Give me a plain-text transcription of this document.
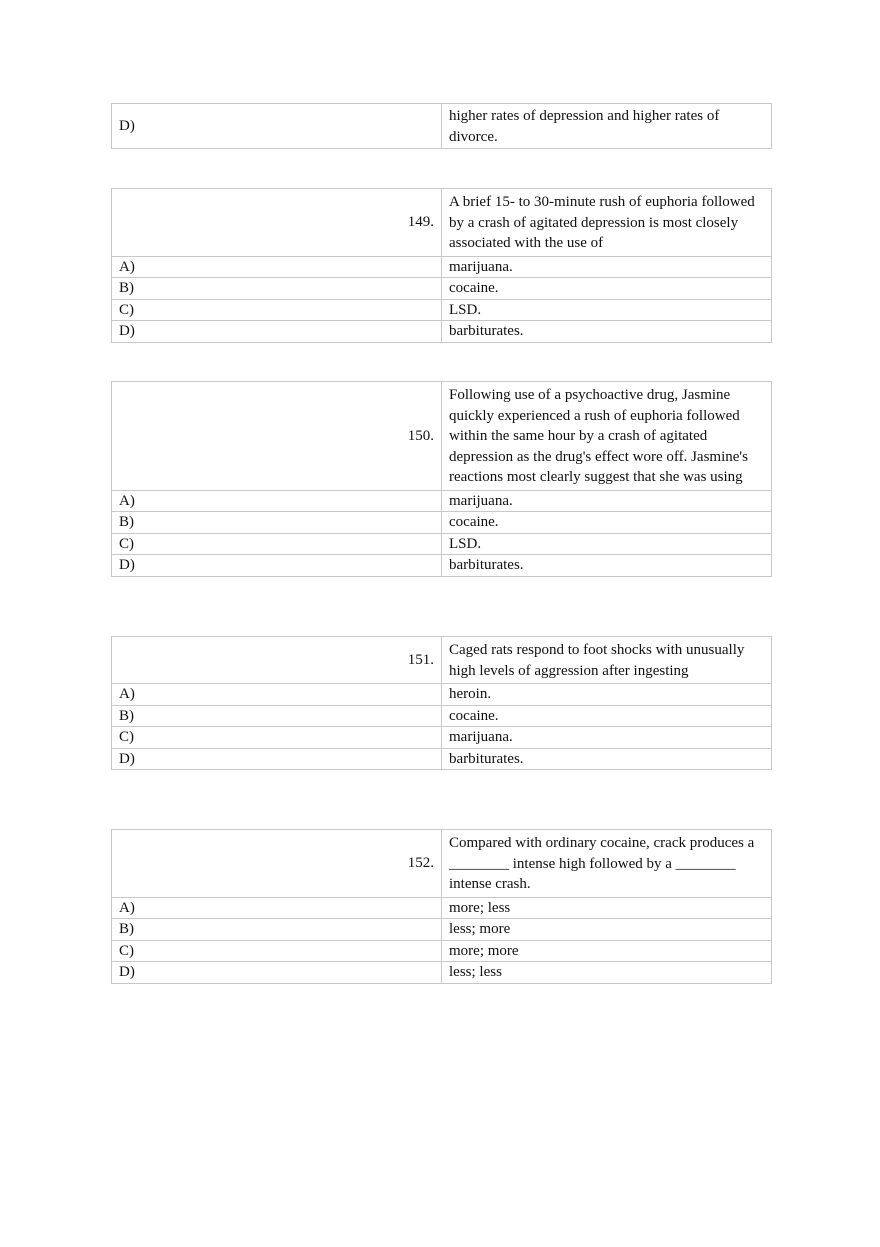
D)	higher rates of depression and higher rates of divorce.
149.	A brief 15- to 30-minute rush of euphoria followed by a crash of agitated depression is most closely associated with the use of
A)	marijuana.
B)	cocaine.
C)	LSD.
D)	barbiturates.
150.	Following use of a psychoactive drug, Jasmine quickly experienced a rush of euphoria followed within the same hour by a crash of agitated depression as the drug's effect wore off. Jasmine's reactions most clearly suggest that she was using
A)	marijuana.
B)	cocaine.
C)	LSD.
D)	barbiturates.
151.	Caged rats respond to foot shocks with unusually high levels of aggression after ingesting
A)	heroin.
B)	cocaine.
C)	marijuana.
D)	barbiturates.
152.	Compared with ordinary cocaine, crack produces a ________ intense high followed by a ________ intense crash.
A)	more; less
B)	less; more
C)	more; more
D)	less; less
